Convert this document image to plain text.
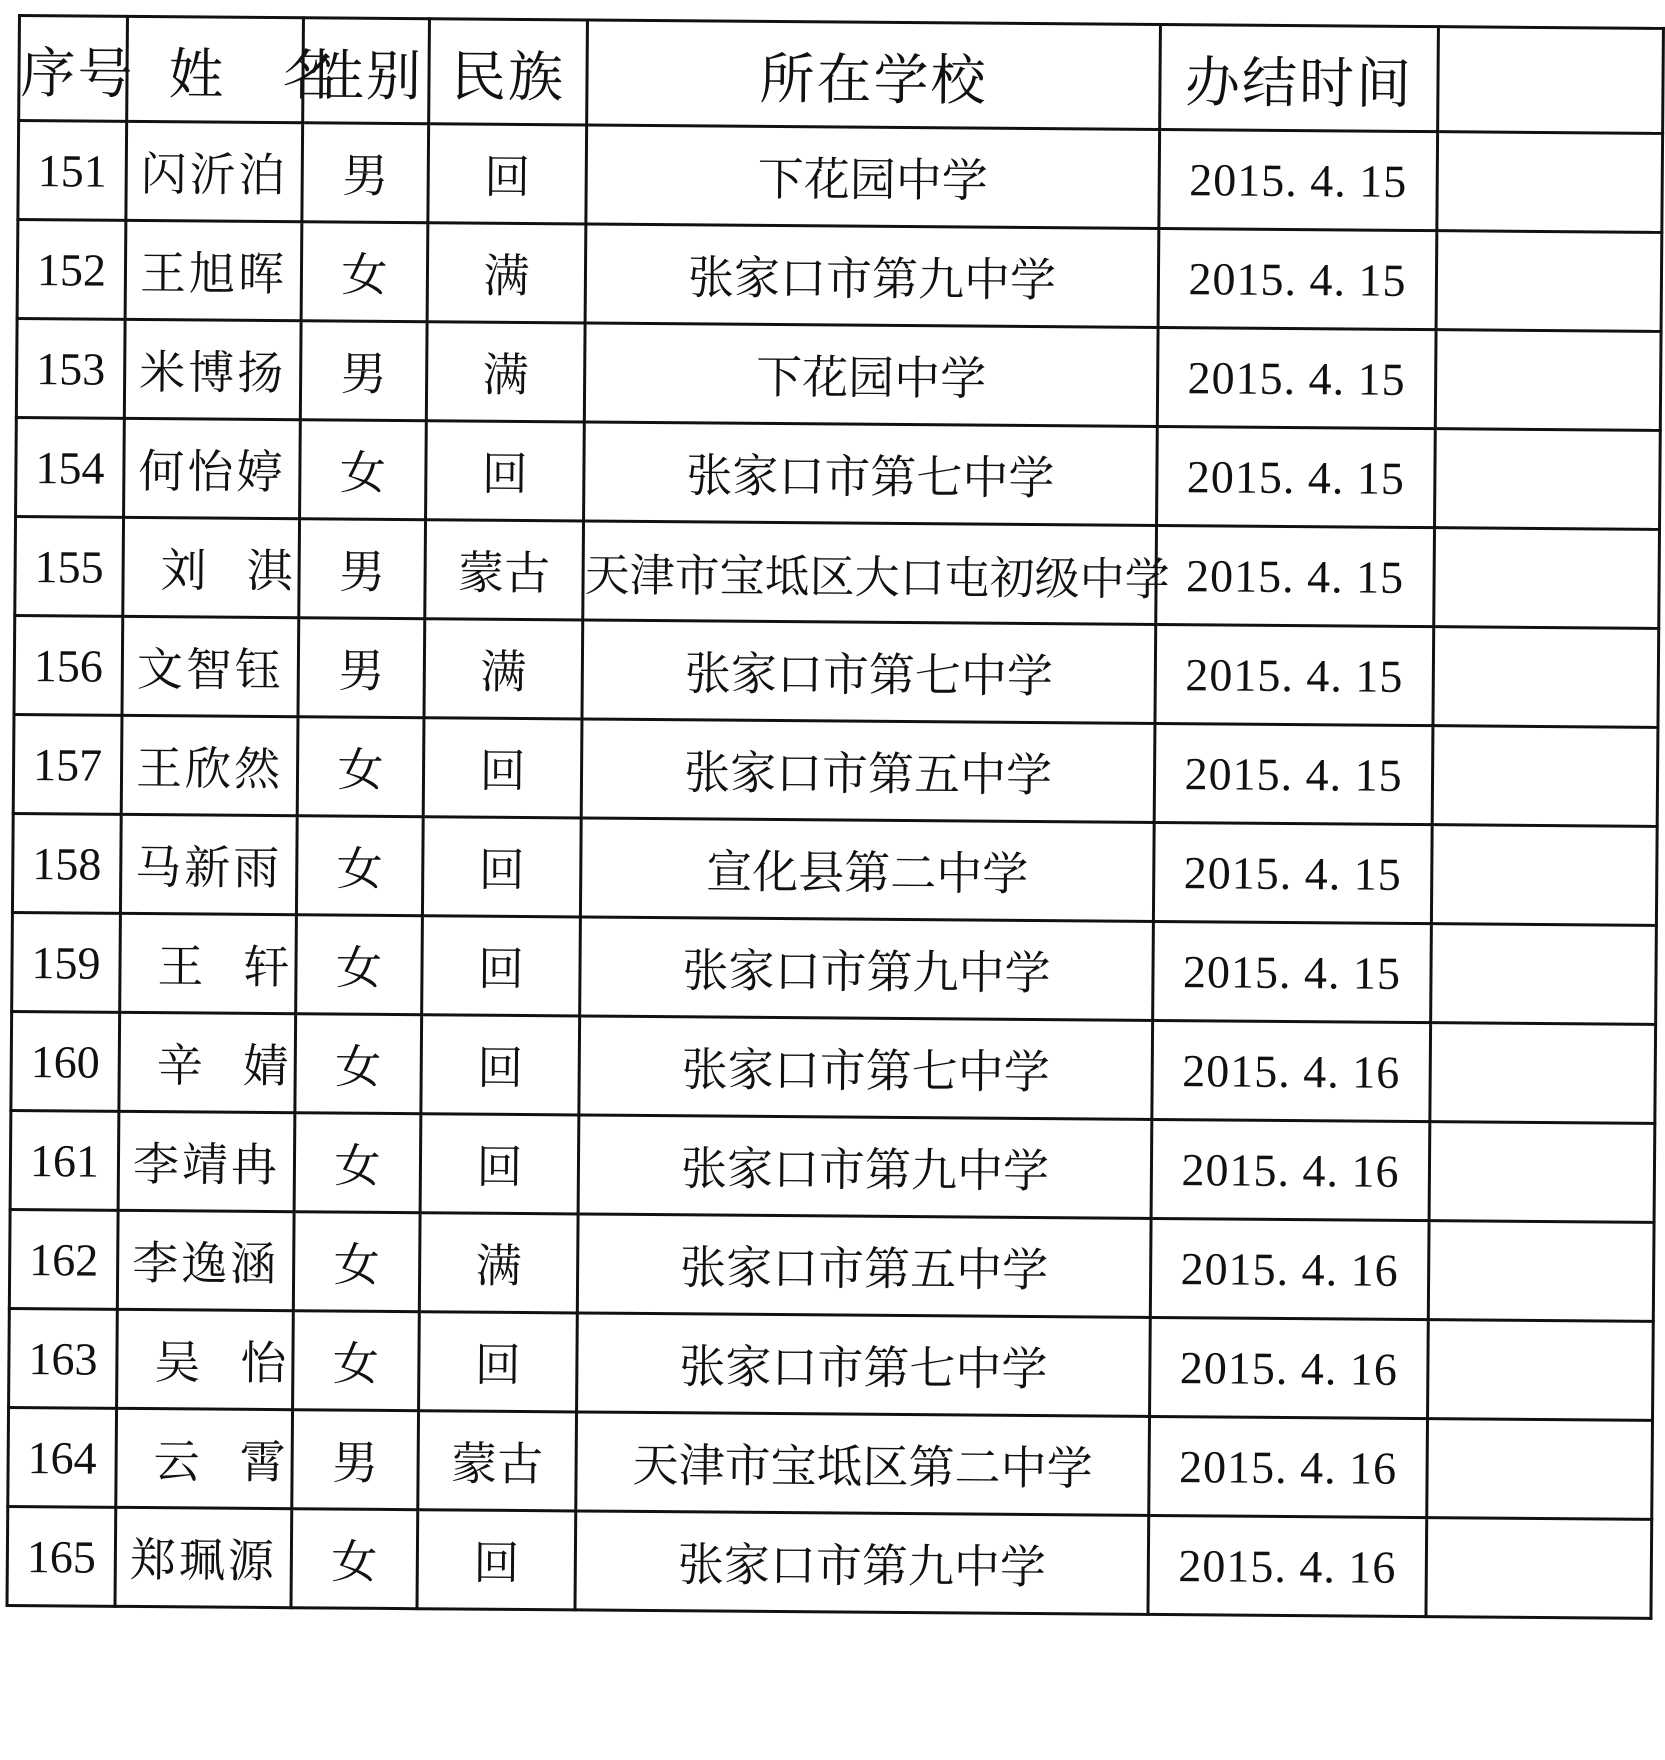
序号	姓　名	性别	民族	所在学校	办结时间	
151	闪沂泊	男	回	下花园中学	2015. 4. 15	
152	王旭晖	女	满	张家口市第九中学	2015. 4. 15	
153	米博扬	男	满	下花园中学	2015. 4. 15	
154	何怡婷	女	回	张家口市第七中学	2015. 4. 15	
155	刘淇	男	蒙古	天津市宝坻区大口屯初级中学	2015. 4. 15	
156	文智钰	男	满	张家口市第七中学	2015. 4. 15	
157	王欣然	女	回	张家口市第五中学	2015. 4. 15	
158	马新雨	女	回	宣化县第二中学	2015. 4. 15	
159	王轩	女	回	张家口市第九中学	2015. 4. 15	
160	辛婧	女	回	张家口市第七中学	2015. 4. 16	
161	李靖冉	女	回	张家口市第九中学	2015. 4. 16	
162	李逸涵	女	满	张家口市第五中学	2015. 4. 16	
163	吴怡	女	回	张家口市第七中学	2015. 4. 16	
164	云霄	男	蒙古	天津市宝坻区第二中学	2015. 4. 16	
165	郑珮源	女	回	张家口市第九中学	2015. 4. 16	
